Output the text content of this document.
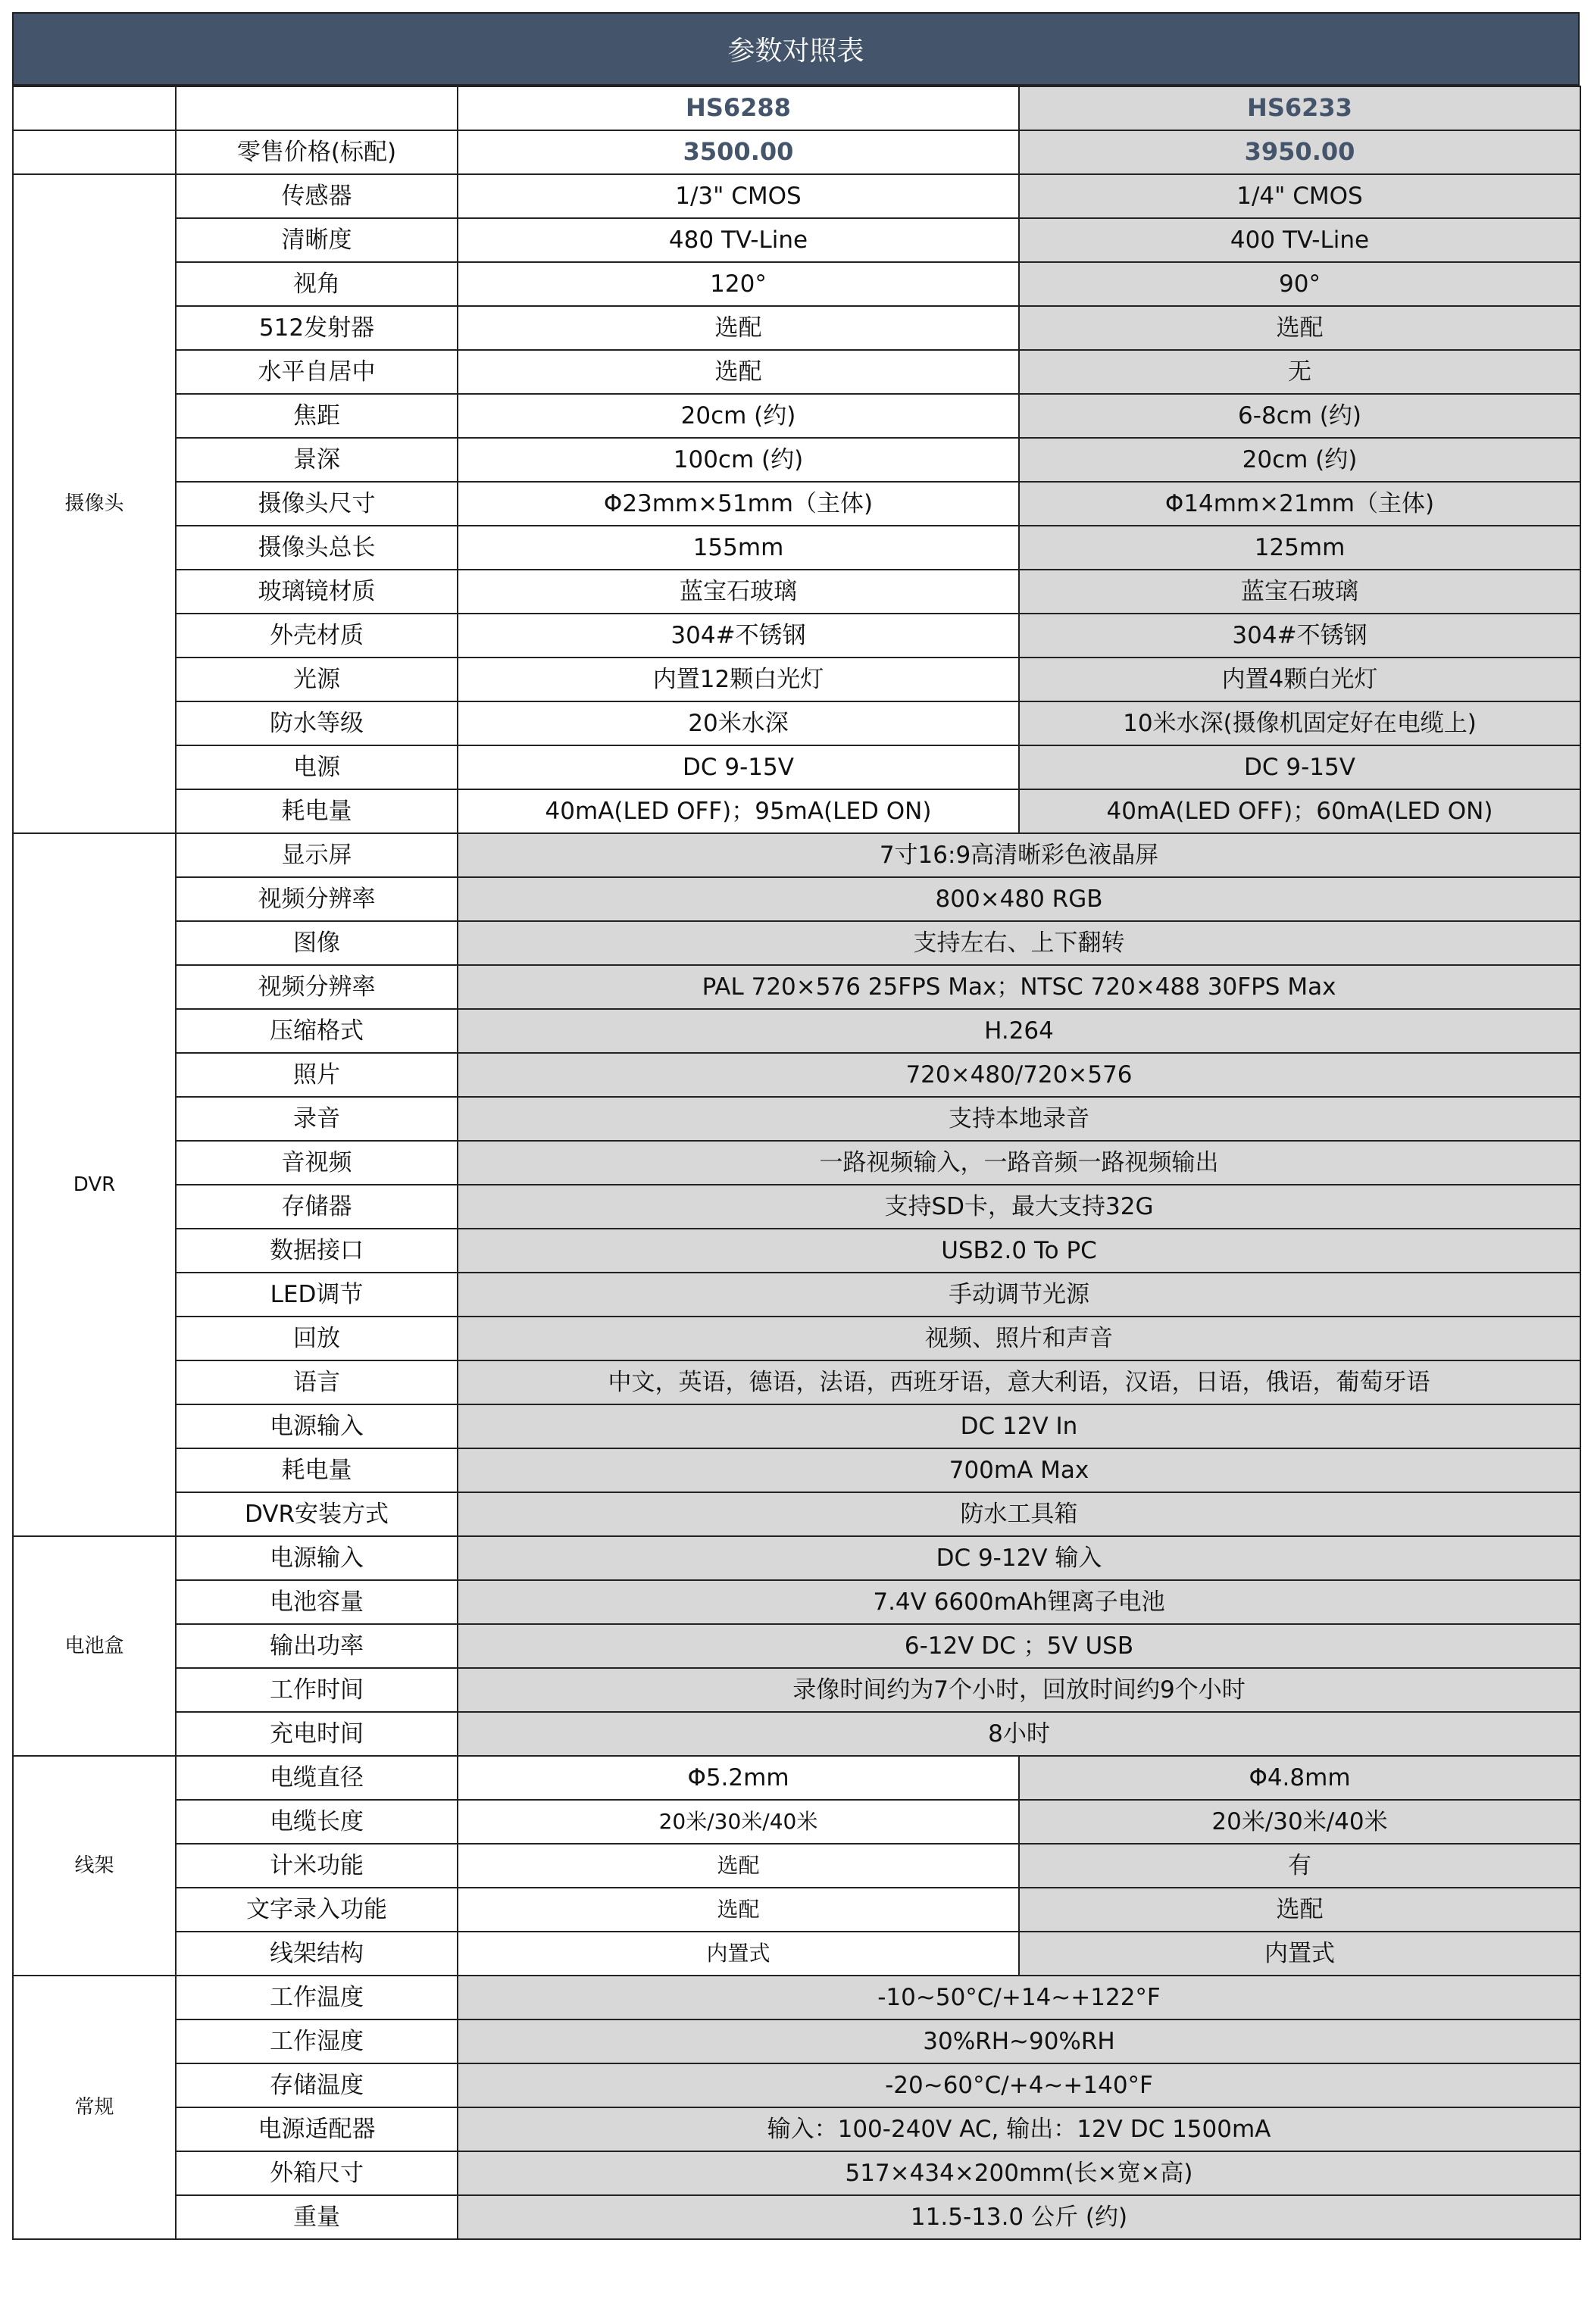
参数对照表
		HS6288	HS6233
	零售价格(标配)	3500.00	3950.00
摄像头	传感器	1/3" CMOS	1/4" CMOS
	清晰度	480 TV-Line	400 TV-Line
	视角	120°	90°
	512发射器	选配	选配
	水平自居中	选配	无
	焦距	20cm (约)	6-8cm (约)
	景深	100cm (约)	20cm (约)
	摄像头尺寸	Φ23mm×51mm（主体)	Φ14mm×21mm（主体)
	摄像头总长	155mm	125mm
	玻璃镜材质	蓝宝石玻璃	蓝宝石玻璃
	外壳材质	304#不锈钢	304#不锈钢
	光源	内置12颗白光灯	内置4颗白光灯
	防水等级	20米水深	10米水深(摄像机固定好在电缆上)
	电源	DC 9-15V	DC 9-15V
	耗电量	40mA(LED OFF)；95mA(LED ON)	40mA(LED OFF)；60mA(LED ON)
DVR	显示屏	7寸16:9高清晰彩色液晶屏	
	视频分辨率	800×480 RGB	
	图像	支持左右、上下翻转	
	视频分辨率	PAL 720×576 25FPS Max；NTSC 720×488 30FPS Max	
	压缩格式	H.264	
	照片	720×480/720×576	
	录音	支持本地录音	
	音视频	一路视频输入，一路音频一路视频输出	
	存储器	支持SD卡，最大支持32G	
	数据接口	USB2.0 To PC	
	LED调节	手动调节光源	
	回放	视频、照片和声音	
	语言	中文，英语，德语，法语，西班牙语，意大利语，汉语，日语，俄语，葡萄牙语	
	电源输入	DC 12V In	
	耗电量	700mA Max	
	DVR安装方式	防水工具箱	
电池盒	电源输入	DC 9-12V 输入	
	电池容量	7.4V 6600mAh锂离子电池	
	输出功率	6-12V DC ；5V USB	
	工作时间	录像时间约为7个小时，回放时间约9个小时	
	充电时间	8小时	
线架	电缆直径	Φ5.2mm	Φ4.8mm
	电缆长度	20米/30米/40米	20米/30米/40米
	计米功能	选配	有
	文字录入功能	选配	选配
	线架结构	内置式	内置式
常规	工作温度	-10~50°C/+14~+122°F	
	工作湿度	30%RH~90%RH	
	存储温度	-20~60°C/+4~+140°F	
	电源适配器	输入：100-240V AC, 输出：12V DC 1500mA	
	外箱尺寸	517×434×200mm(长×宽×高)	
	重量	11.5-13.0 公斤 (约)	
